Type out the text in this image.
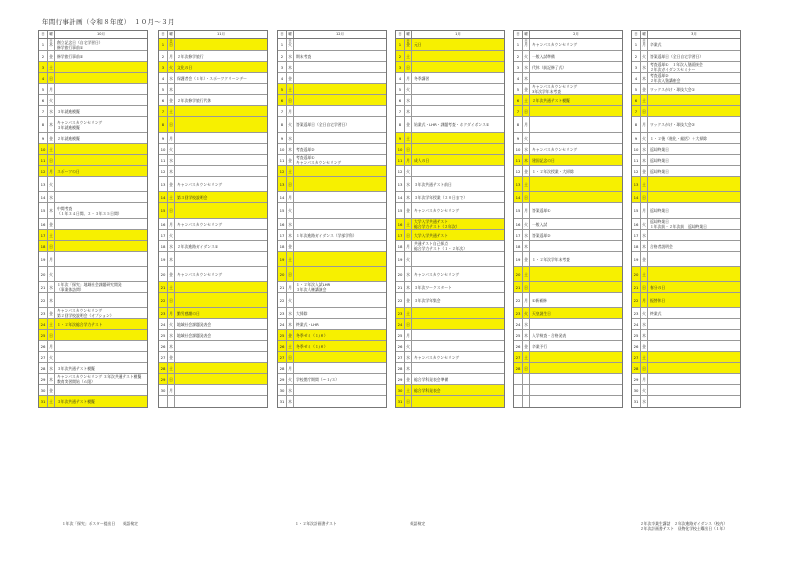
年間行事計画（令和８年度）　１０月～３月
日	曜日
10月
1	木	創立記念日（自宅学習日）
修学旅行事前①
2	金	修学旅行事前②
3	土
4	日
5	月
6	火
7	水	３年就進模擬
8	木	キャンパスカウンセリング
３年就進模擬
9	金	２年就進模擬
10 土
11 日
12 月	スポーツの日
13 火
14 水
15 木	中間考査
（１年３４日間、２・３年３５日間）
16 金
17 土
18 日
19 月
20 火
21 水	１年次「探究」地域社会課題研究開発
（事業体訪問）
22 木
23 金	キャンパスカウンセリング
第２回学校説明会（オプション）
24 土	１・２年次総合学力テスト
25 日
26 月
27 火
28 水	３年次共通テスト模擬
29 木	キャンパスカウンセリング ３年次共通テスト模擬
教育実習開始（６限）
30 金
31 土	３年次共通テスト模擬
日	曜日
11月
1	日
2	月	２年次修学旅行
3	火	文化の日
4	水	保護者会（１年）・スポーツクリーンデー
5	木
6	金	２年次修学旅行代休
7	土
8	日
9	月
10 火
11 水
12 木
13 金	キャンパスカウンセリング
14 土	第３回学校説明会
15 日
16 月	キャンパスカウンセリング
17 火
18 水	２年次進路ガイダンス①
19 木
20 金	キャンパスカウンセリング
21 土
22 日
23 月	勤労感謝の日
24 火	地域社会課題発表会
25 水	地域社会課題発表会
26 木
27 金
28 土
29 日
30 月
日	曜日
12月
1	火
2	水	期末考査
3	木
4	金
5	土
6	日
7	月
8	火	答案返却日（全日自宅学習日）
9	水
10 木	考査返却②
11 金	考査返却①
キャンパスカウンセリング
12 土
13 日
14 月
15 火
16 水
17 木	１年次進路ガイダンス（学部学科）
18 金
19 土
20 日
21 月	１・２年次入試LHR
３年次人権講演会
22 火
23 水	大掃除
24 木	終業式・LHR
25 金	冬季ゼミ（１/８）
26 土	冬季ゼミ（１/８）
27 日
28 月
29 火	学校閉庁期間（～１/３）
30 水
31 木
日	曜日
1月
1	金	元日
2	土
3	日
4	月	冬季講習
5	火
6	水
7	木
8	金	始業式・LHR・課題考査・ホクダイボンス①
9	土
10 日
11 月	成人の日
12 火
13 水	３年次共通テスト前日
14 木	３年次学年授業（２０日まで）
15 金	キャンパスカウンセリング
16 土	大学入学共通テスト
総合学力テスト（２年次）
17 日	大学入学共通テスト
18 月	共通テスト自己採点
総合学力テスト（１・２年次）
19 火
20 水	キャンパスカウンセリング
21 木	３年次ワークスタート
22 金	３年次学年集会
23 土
24 日
25 月
26 火
27 水	キャンパスカウンセリング
28 木
29 金	総合学科発表会準備
30 土	総合学科発表会
31 日
日	曜日
2月
1	月	キャンパスカウンセリング
2	火	一般入試準備
3	水	代休（前記修了式）
4	木
5	金	キャンパスカウンセリング
3年次学年末考査
6	土	２年次共通テスト模擬
7	日
8	月
9	火
10 水	キャンパスカウンセリング
11 木	建国記念の日
12 金	１・２年次授業・大掃除
13 土
14 日
15 月	答案返却①
16 火	一般入試
17 水	答案返却②
18 木
19 金	１・２年次学年末考査
20 土
21 日
22 月	①新補修
23 火	天皇誕生日
24 水
25 木	入学検査・合格発表
26 金	卒業予行
27 土
28 日
日	曜日
3月
1	月	卒業式
2	火	答案返却日（全日自宅学習日）
3	水	考査返却①　１年次入塾面接会
２年次ガイダンスセミナー
4	木	考査返却②
２年次入塾講座会
5	金	ワックスがけ・球技大会①
6	土
7	日
8	月	ワックスがけ・球技大会②
9	火	１・２後（進化・総括）＋大掃除
10 水	返却終業日
11 木	返却終業日
12 金	返却終業日
13 土
14 日
15 月	返却終業日
16 火	返却終業日
１年次前・２年次前　返却終業日
17 水
18 木	合格者説明会
19 金
20 土
21 日	春分の日
22 月	振替休日
23 火	終業式
24 水
25 木
26 金
27 土
28 日
29 月
30 火
31 水
１年次「探究」ポスター提出日　　英語検定	１・２年次計画書テスト	英語検定	２年次卒業生講話　２年次進路ガイダンス（校内）
２年次計画書テスト　昼物化学校土曜出日（１年）
